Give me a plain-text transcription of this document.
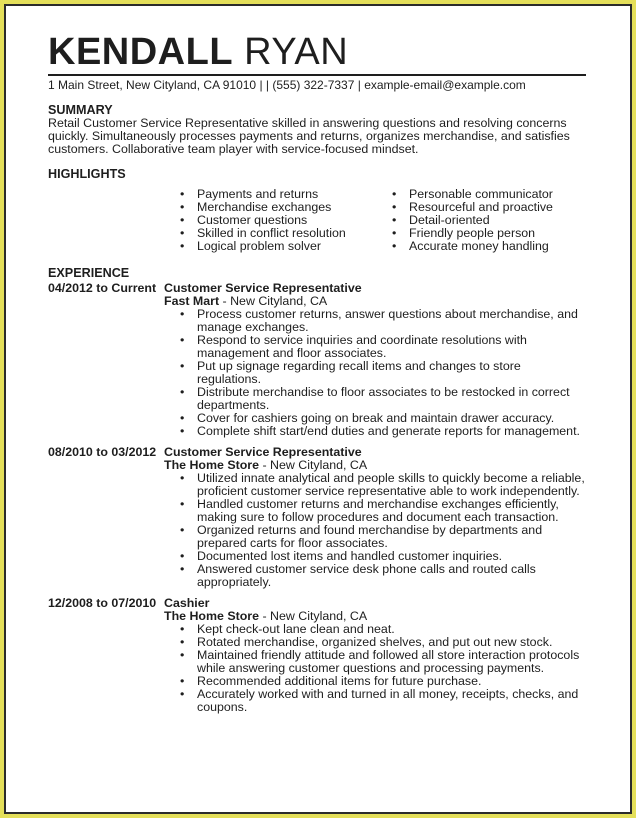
KENDALL RYAN
1 Main Street, New Cityland, CA 91010 | | (555) 322-7337 | example-email@example.com
SUMMARY

Retail Customer Service Representative skilled in answering questions and resolving concerns quickly. Simultaneously processes payments and returns, organizes merchandise, and satisfies customers. Collaborative team player with service-focused mindset.

HIGHLIGHTS
• Payments and returns
• Merchandise exchanges
• Customer questions
• Skilled in conflict resolution
• Logical problem solver
• Personable communicator
• Resourceful and proactive
• Detail-oriented
• Friendly people person
• Accurate money handling
EXPERIENCE
04/2012 to Current Customer Service Representative
Fast Mart - New Cityland, CA
• Process customer returns, answer questions about merchandise, and manage exchanges.
• Respond to service inquiries and coordinate resolutions with management and floor associates.
• Put up signage regarding recall items and changes to store regulations.
• Distribute merchandise to floor associates to be restocked in correct departments.
• Cover for cashiers going on break and maintain drawer accuracy.
• Complete shift start/end duties and generate reports for management.
08/2010 to 03/2012 Customer Service Representative
The Home Store - New Cityland, CA
• Utilized innate analytical and people skills to quickly become a reliable, proficient customer service representative able to work independently.
• Handled customer returns and merchandise exchanges efficiently, making sure to follow procedures and document each transaction.
• Organized returns and found merchandise by departments and prepared carts for floor associates.
• Documented lost items and handled customer inquiries.
• Answered customer service desk phone calls and routed calls appropriately.
12/2008 to 07/2010 Cashier
The Home Store - New Cityland, CA
• Kept check-out lane clean and neat.
• Rotated merchandise, organized shelves, and put out new stock.
• Maintained friendly attitude and followed all store interaction protocols while answering customer questions and processing payments.
• Recommended additional items for future purchase.
• Accurately worked with and turned in all money, receipts, checks, and coupons.
